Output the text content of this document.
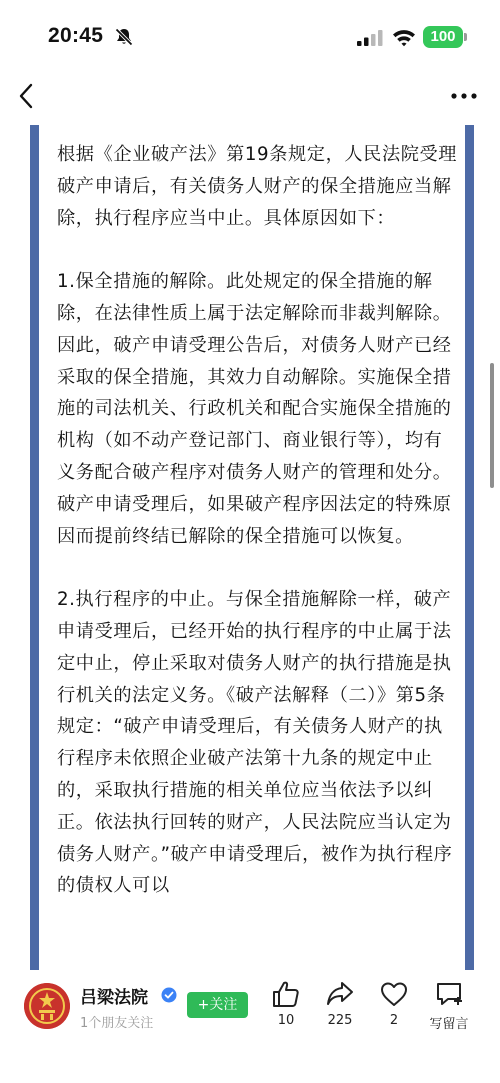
20:45	100

根据《企业破产法》第19条规定，人民法院受理破产申请后，有关债务人财产的保全措施应当解除，执行程序应当中止。具体原因如下：

1.保全措施的解除。此处规定的保全措施的解除，在法律性质上属于法定解除而非裁判解除。因此，破产申请受理公告后，对债务人财产已经采取的保全措施，其效力自动解除。实施保全措施的司法机关、行政机关和配合实施保全措施的机构（如不动产登记部门、商业银行等），均有义务配合破产程序对债务人财产的管理和处分。破产申请受理后，如果破产程序因法定的特殊原因而提前终结已解除的保全措施可以恢复。

2.执行程序的中止。与保全措施解除一样，破产申请受理后，已经开始的执行程序的中止属于法定中止，停止采取对债务人财产的执行措施是执行机关的法定义务。《破产法解释（二）》第5条规定：“破产申请受理后，有关债务人财产的执行程序未依照企业破产法第十九条的规定中止的，采取执行措施的相关单位应当依法予以纠正。依法执行回转的财产，人民法院应当认定为债务人财产。”破产申请受理后，被作为执行程序的债权人可以

吕梁法院
1个朋友关注
+关注
10	225	2	写留言
